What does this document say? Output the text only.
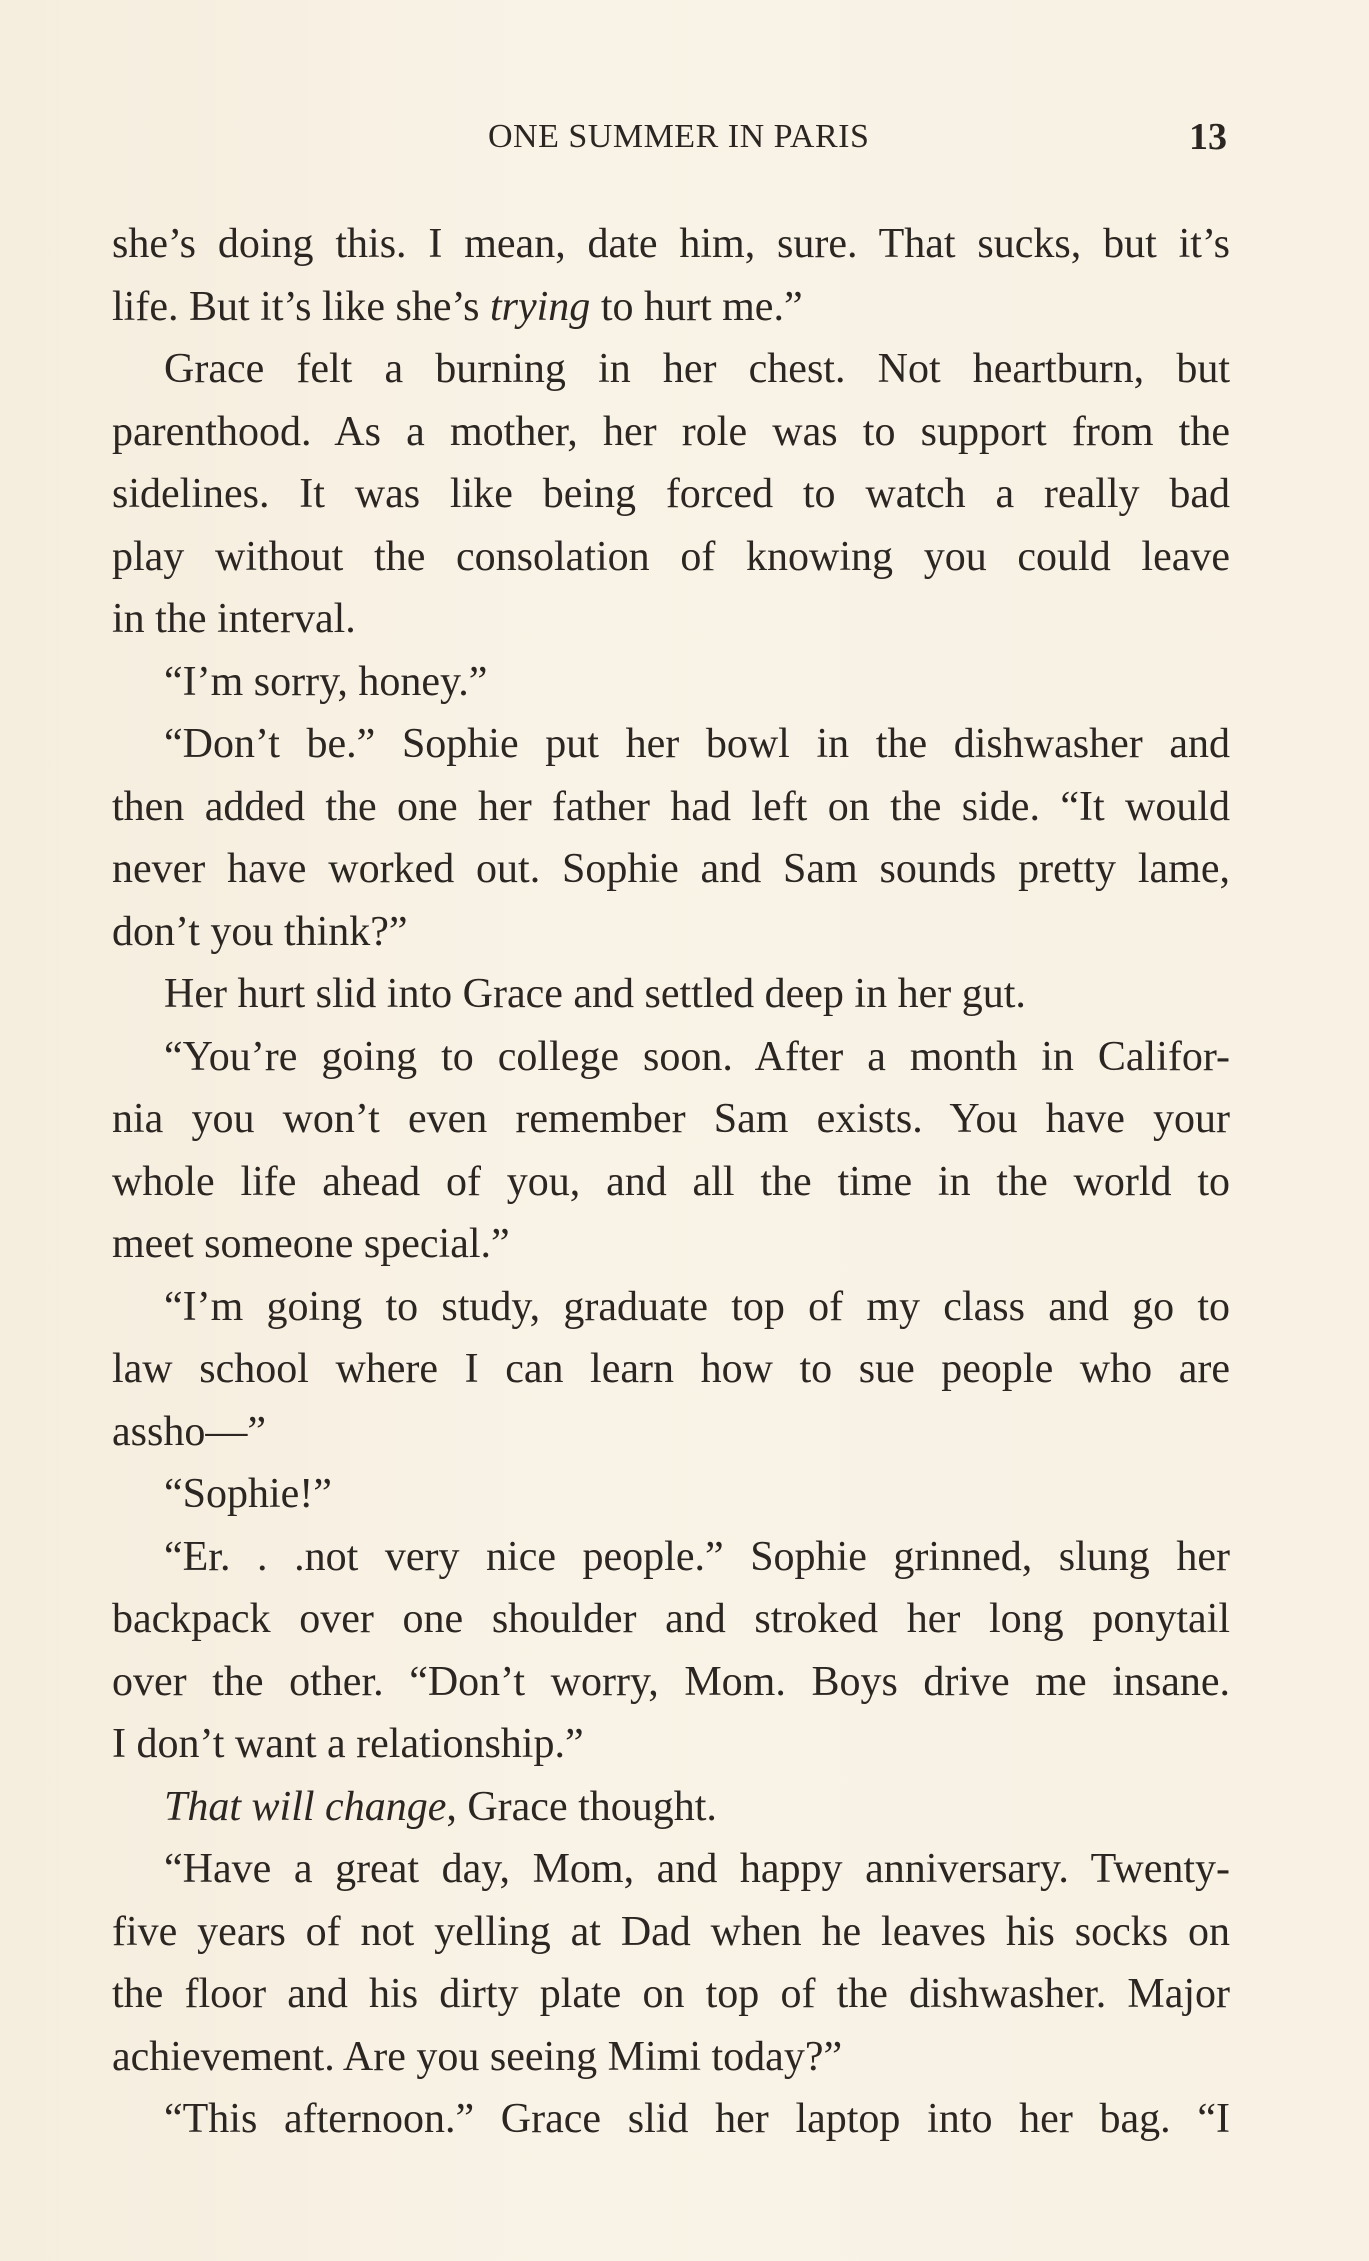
ONE SUMMER IN PARIS	13
she’s doing this. I mean, date him, sure. That sucks, but it’s
life. But it’s like she’s trying to hurt me.”
Grace felt a burning in her chest. Not heartburn, but
parenthood. As a mother, her role was to support from the
sidelines. It was like being forced to watch a really bad
play without the consolation of knowing you could leave
in the interval.
“I’m sorry, honey.”
“Don’t be.” Sophie put her bowl in the dishwasher and
then added the one her father had left on the side. “It would
never have worked out. Sophie and Sam sounds pretty lame,
don’t you think?”
Her hurt slid into Grace and settled deep in her gut.
“You’re going to college soon. After a month in Califor-
nia you won’t even remember Sam exists. You have your
whole life ahead of you, and all the time in the world to
meet someone special.”
“I’m going to study, graduate top of my class and go to
law school where I can learn how to sue people who are
assho—”
“Sophie!”
“Er. . .not very nice people.” Sophie grinned, slung her
backpack over one shoulder and stroked her long ponytail
over the other. “Don’t worry, Mom. Boys drive me insane.
I don’t want a relationship.”
That will change, Grace thought.
“Have a great day, Mom, and happy anniversary. Twenty-
five years of not yelling at Dad when he leaves his socks on
the floor and his dirty plate on top of the dishwasher. Major
achievement. Are you seeing Mimi today?”
“This afternoon.” Grace slid her laptop into her bag. “I
